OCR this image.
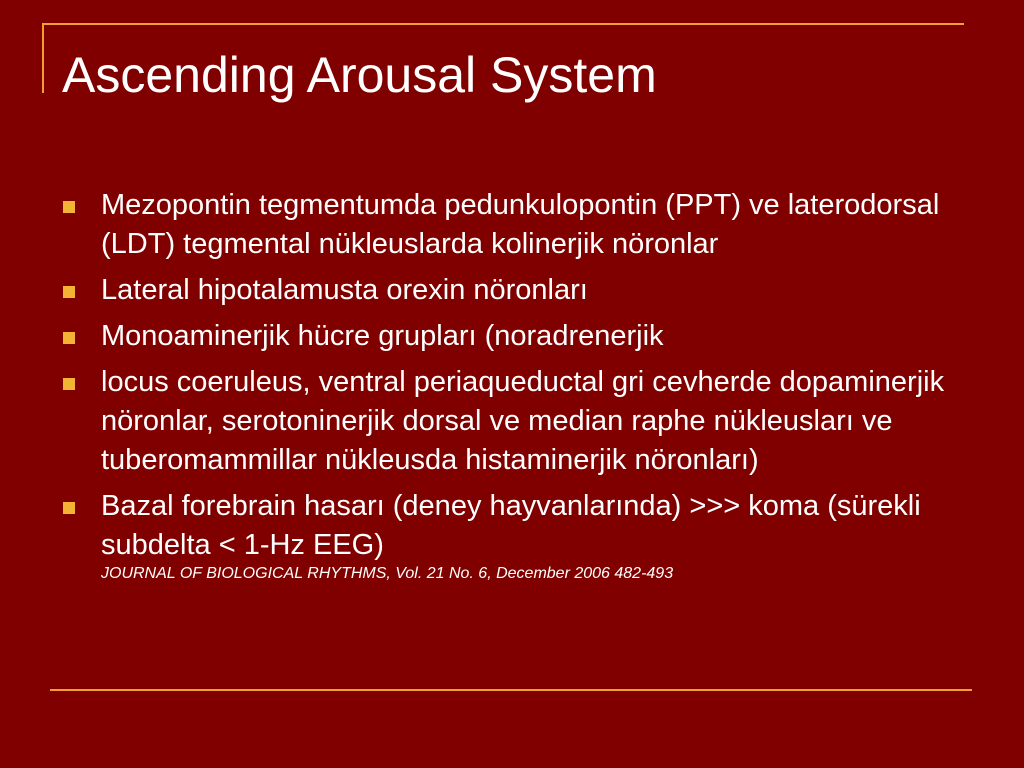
Ascending Arousal System
Mezopontin tegmentumda pedunkulopontin (PPT) ve laterodorsal (LDT) tegmental nükleuslarda kolinerjik nöronlar
Lateral hipotalamusta orexin nöronları
Monoaminerjik hücre grupları (noradrenerjik
locus coeruleus, ventral periaqueductal gri cevherde dopaminerjik nöronlar, serotoninerjik dorsal ve median raphe nükleusları ve tuberomammillar nükleusda histaminerjik nöronları)
Bazal forebrain hasarı (deney hayvanlarında) >>> koma (sürekli subdelta < 1-Hz EEG)
JOURNAL OF BIOLOGICAL RHYTHMS, Vol. 21 No. 6, December 2006 482-493
